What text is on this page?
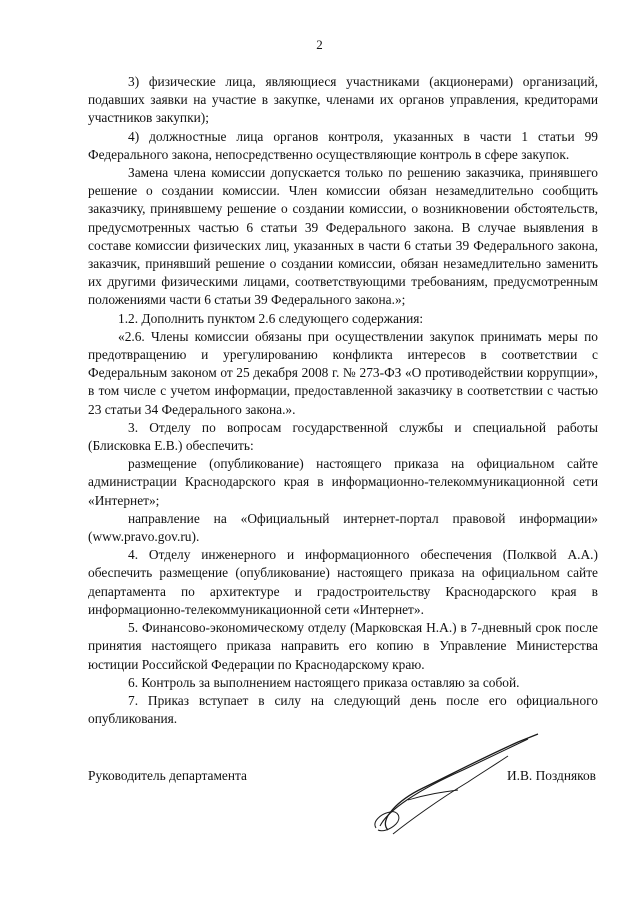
2

3) физические лица, являющиеся участниками (акционерами) организаций, подавших заявки на участие в закупке, членами их органов управления, кредиторами участников закупки);

4) должностные лица органов контроля, указанных в части 1 статьи 99 Федерального закона, непосредственно осуществляющие контроль в сфере закупок.

Замена члена комиссии допускается только по решению заказчика, принявшего решение о создании комиссии. Член комиссии обязан незамедлительно сообщить заказчику, принявшему решение о создании комиссии, о возникновении обстоятельств, предусмотренных частью 6 статьи 39 Федерального закона. В случае выявления в составе комиссии физических лиц, указанных в части 6 статьи 39 Федерального закона, заказчик, принявший решение о создании комиссии, обязан незамедлительно заменить их другими физическими лицами, соответствующими требованиям, предусмотренным положениями части 6 статьи 39 Федерального закона.»;

1.2. Дополнить пунктом 2.6 следующего содержания:

«2.6. Члены комиссии обязаны при осуществлении закупок принимать меры по предотвращению и урегулированию конфликта интересов в соответствии с Федеральным законом от 25 декабря 2008 г. № 273-ФЗ «О противодействии коррупции», в том числе с учетом информации, предоставленной заказчику в соответствии с частью 23 статьи 34 Федерального закона.».

3. Отделу по вопросам государственной службы и специальной работы (Блисковка Е.В.) обеспечить:

размещение (опубликование) настоящего приказа на официальном сайте администрации Краснодарского края в информационно-телекоммуникационной сети «Интернет»;

направление на «Официальный интернет-портал правовой информации» (www.pravo.gov.ru).

4. Отделу инженерного и информационного обеспечения (Полквой А.А.) обеспечить размещение (опубликование) настоящего приказа на официальном сайте департамента по архитектуре и градостроительству Краснодарского края в информационно-телекоммуникационной сети «Интернет».

5. Финансово-экономическому отделу (Марковская Н.А.) в 7-дневный срок после принятия настоящего приказа направить его копию в Управление Министерства юстиции Российской Федерации по Краснодарскому краю.

6. Контроль за выполнением настоящего приказа оставляю за собой.

7. Приказ вступает в силу на следующий день после его официального опубликования.

Руководитель департамента	И.В. Поздняков
